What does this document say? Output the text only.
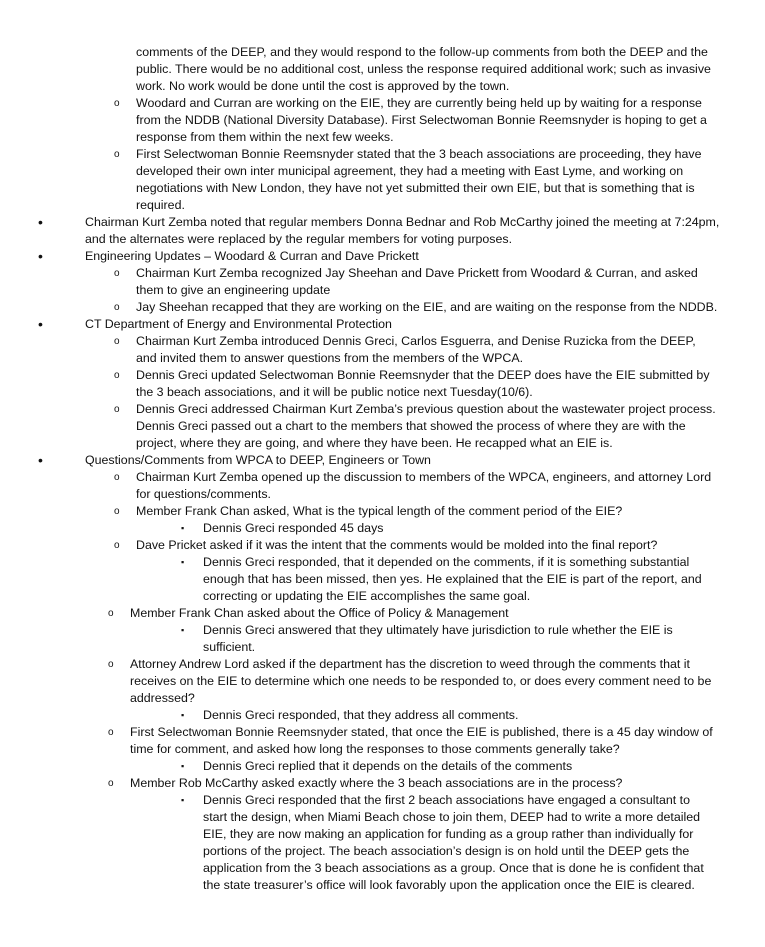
comments of the DEEP, and they would respond to the follow-up comments from both the DEEP and the public. There would be no additional cost, unless the response required additional work; such as invasive work. No work would be done until the cost is approved by the town.
o Woodard and Curran are working on the EIE, they are currently being held up by waiting for a response from the NDDB (National Diversity Database). First Selectwoman Bonnie Reemsnyder is hoping to get a response from them within the next few weeks.
o First Selectwoman Bonnie Reemsnyder stated that the 3 beach associations are proceeding, they have developed their own inter municipal agreement, they had a meeting with East Lyme, and working on negotiations with New London, they have not yet submitted their own EIE, but that is something that is required.
•	Chairman Kurt Zemba noted that regular members Donna Bednar and Rob McCarthy joined the meeting at 7:24pm, and the alternates were replaced by the regular members for voting purposes.
•	Engineering Updates – Woodard & Curran and Dave Prickett
o Chairman Kurt Zemba recognized Jay Sheehan and Dave Prickett from Woodard & Curran, and asked them to give an engineering update
o Jay Sheehan recapped that they are working on the EIE, and are waiting on the response from the NDDB.
•	CT Department of Energy and Environmental Protection
o Chairman Kurt Zemba introduced Dennis Greci, Carlos Esguerra, and Denise Ruzicka from the DEEP, and invited them to answer questions from the members of the WPCA.
o Dennis Greci updated Selectwoman Bonnie Reemsnyder that the DEEP does have the EIE submitted by the 3 beach associations, and it will be public notice next Tuesday(10/6).
o Dennis Greci addressed Chairman Kurt Zemba’s previous question about the wastewater project process. Dennis Greci passed out a chart to the members that showed the process of where they are with the project, where they are going, and where they have been. He recapped what an EIE is.
•	Questions/Comments from WPCA to DEEP, Engineers or Town
o Chairman Kurt Zemba opened up the discussion to members of the WPCA, engineers, and attorney Lord for questions/comments.
o Member Frank Chan asked, What is the typical length of the comment period of the EIE?
▪ Dennis Greci responded 45 days
o Dave Pricket asked if it was the intent that the comments would be molded into the final report?
▪ Dennis Greci responded, that it depended on the comments, if it is something substantial enough that has been missed, then yes. He explained that the EIE is part of the report, and correcting or updating the EIE accomplishes the same goal.
o Member Frank Chan asked about the Office of Policy & Management
▪ Dennis Greci answered that they ultimately have jurisdiction to rule whether the EIE is sufficient.
o Attorney Andrew Lord asked if the department has the discretion to weed through the comments that it receives on the EIE to determine which one needs to be responded to, or does every comment need to be addressed?
▪ Dennis Greci responded, that they address all comments.
o First Selectwoman Bonnie Reemsnyder stated, that once the EIE is published, there is a 45 day window of time for comment, and asked how long the responses to those comments generally take?
▪ Dennis Greci replied that it depends on the details of the comments
o Member Rob McCarthy asked exactly where the 3 beach associations are in the process?
▪ Dennis Greci responded that the first 2 beach associations have engaged a consultant to start the design, when Miami Beach chose to join them, DEEP had to write a more detailed EIE, they are now making an application for funding as a group rather than individually for portions of the project. The beach association’s design is on hold until the DEEP gets the application from the 3 beach associations as a group. Once that is done he is confident that the state treasurer’s office will look favorably upon the application once the EIE is cleared.
